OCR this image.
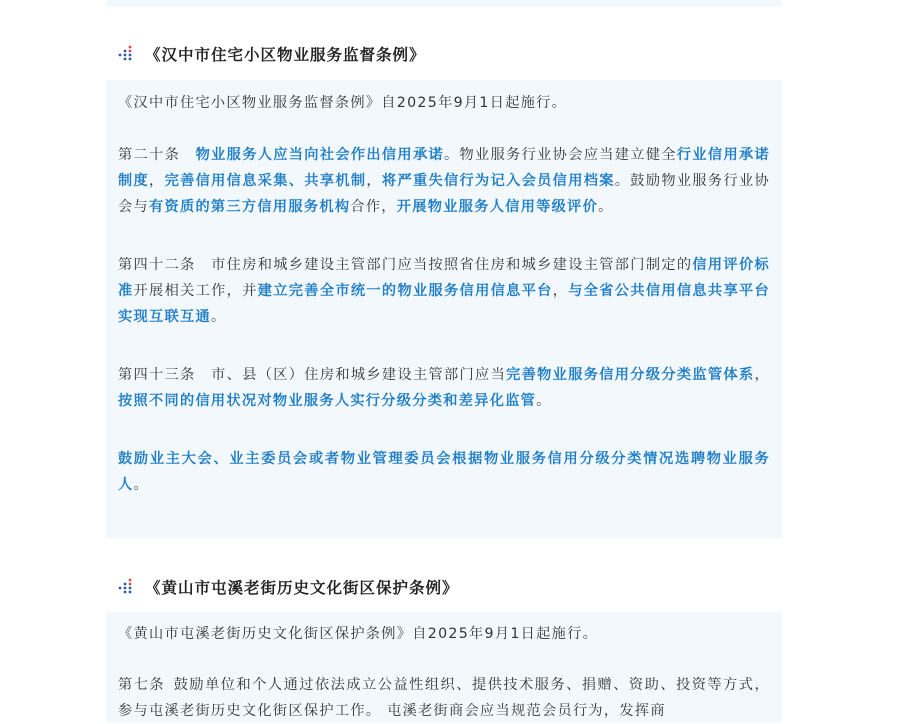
《汉中市住宅小区物业服务监督条例》

《汉中市住宅小区物业服务监督条例》自2025年9月1日起施行。

第二十条  物业服务人应当向社会作出信用承诺。物业服务行业协会应当建立健全行业信用承诺制度，完善信用信息采集、共享机制，将严重失信行为记入会员信用档案。鼓励物业服务行业协会与有资质的第三方信用服务机构合作，开展物业服务人信用等级评价。

第四十二条  市住房和城乡建设主管部门应当按照省住房和城乡建设主管部门制定的信用评价标准开展相关工作，并建立完善全市统一的物业服务信用信息平台，与全省公共信用信息共享平台实现互联互通。

第四十三条  市、县（区）住房和城乡建设主管部门应当完善物业服务信用分级分类监管体系，按照不同的信用状况对物业服务人实行分级分类和差异化监管。

鼓励业主大会、业主委员会或者物业管理委员会根据物业服务信用分级分类情况选聘物业服务人。

《黄山市屯溪老街历史文化街区保护条例》

《黄山市屯溪老街历史文化街区保护条例》自2025年9月1日起施行。

第七条  鼓励单位和个人通过依法成立公益性组织、提供技术服务、捐赠、资助、投资等方式，参与屯溪老街历史文化街区保护工作。 屯溪老街商会应当规范会员行为，发挥商
